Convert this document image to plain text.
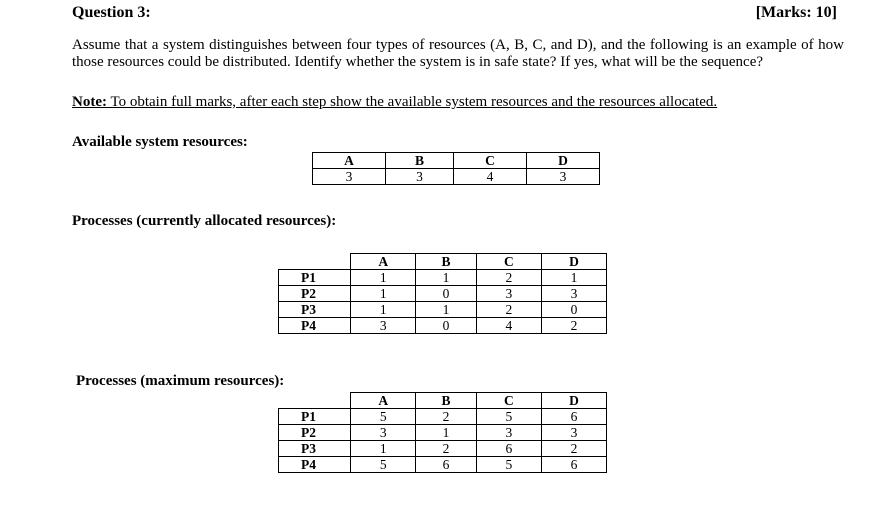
Question 3:	[Marks: 10]

Assume that a system distinguishes between four types of resources (A, B, C, and D), and the following is an example of how those resources could be distributed. Identify whether the system is in safe state? If yes, what will be the sequence?

Note: To obtain full marks, after each step show the available system resources and the resources allocated.
Available system resources:
A	B	C	D
3	3	4	3
Processes (currently allocated resources):
	A	B	C	D
P1	1	1	2	1
P2	1	0	3	3
P3	1	1	2	0
P4	3	0	4	2
Processes (maximum resources):
	A	B	C	D
P1	5	2	5	6
P2	3	1	3	3
P3	1	2	6	2
P4	5	6	5	6
